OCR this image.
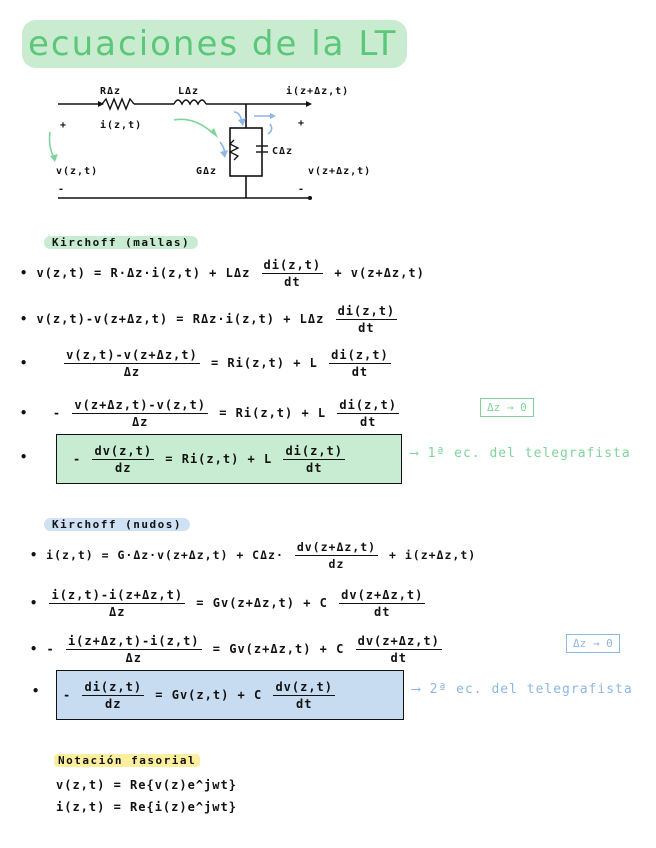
ecuaciones de la LT
RΔz	LΔz	i(z+Δz,t)
+	i(z,t)	+
CΔz
v(z,t)	GΔz	v(z+Δz,t)
-	-
Kirchoff (mallas)
• v(z,t) = R·Δz·i(z,t) + LΔz $\frac{di(z,t)}{dt} + v(z+\Delta z,t)$
• v(z,t)-v(z+Δz,t) = RΔz·i(z,t) + LΔz $\frac{di(z,t)}{dt}$
•	$\frac{v(z,t)-v(z+\Delta z,t)}{\Delta z} = Ri(z,t) + L \frac{di(z,t)}{dt}$
• - $\frac{v(z+\Delta z,t)-v(z,t)}{\Delta z} = Ri(z,t) + L \frac{di(z,t)}{dt}$	Δz → 0
•	- $\frac{dv(z,t)}{dz} = Ri(z,t) + L \frac{di(z,t)}{dt}$	⟶ 1ª ec. del telegrafista
Kirchoff (nudos)
• $i(z,t) = G\cdot\Delta z\cdot v(z+\Delta z,t) + C\Delta z\cdot \frac{dv(z+\Delta z,t)}{dz} + i(z+\Delta z,t)$
• $\frac{i(z,t)-i(z+\Delta z,t)}{\Delta z} = Gv(z+\Delta z,t) + C \frac{dv(z+\Delta z,t)}{dt}$
• - $\frac{i(z+\Delta z,t)-i(z,t)}{\Delta z} = Gv(z+\Delta z,t) + C \frac{dv(z+\Delta z,t)}{dt}$	Δz → 0
• - $\frac{di(z,t)}{dz} = Gv(z,t) + C \frac{dv(z,t)}{dt}$	⟶ 2ª ec. del telegrafista
Notación fasorial
v(z,t) = Re{v(z)e^jwt}
i(z,t) = Re{i(z)e^jwt}
